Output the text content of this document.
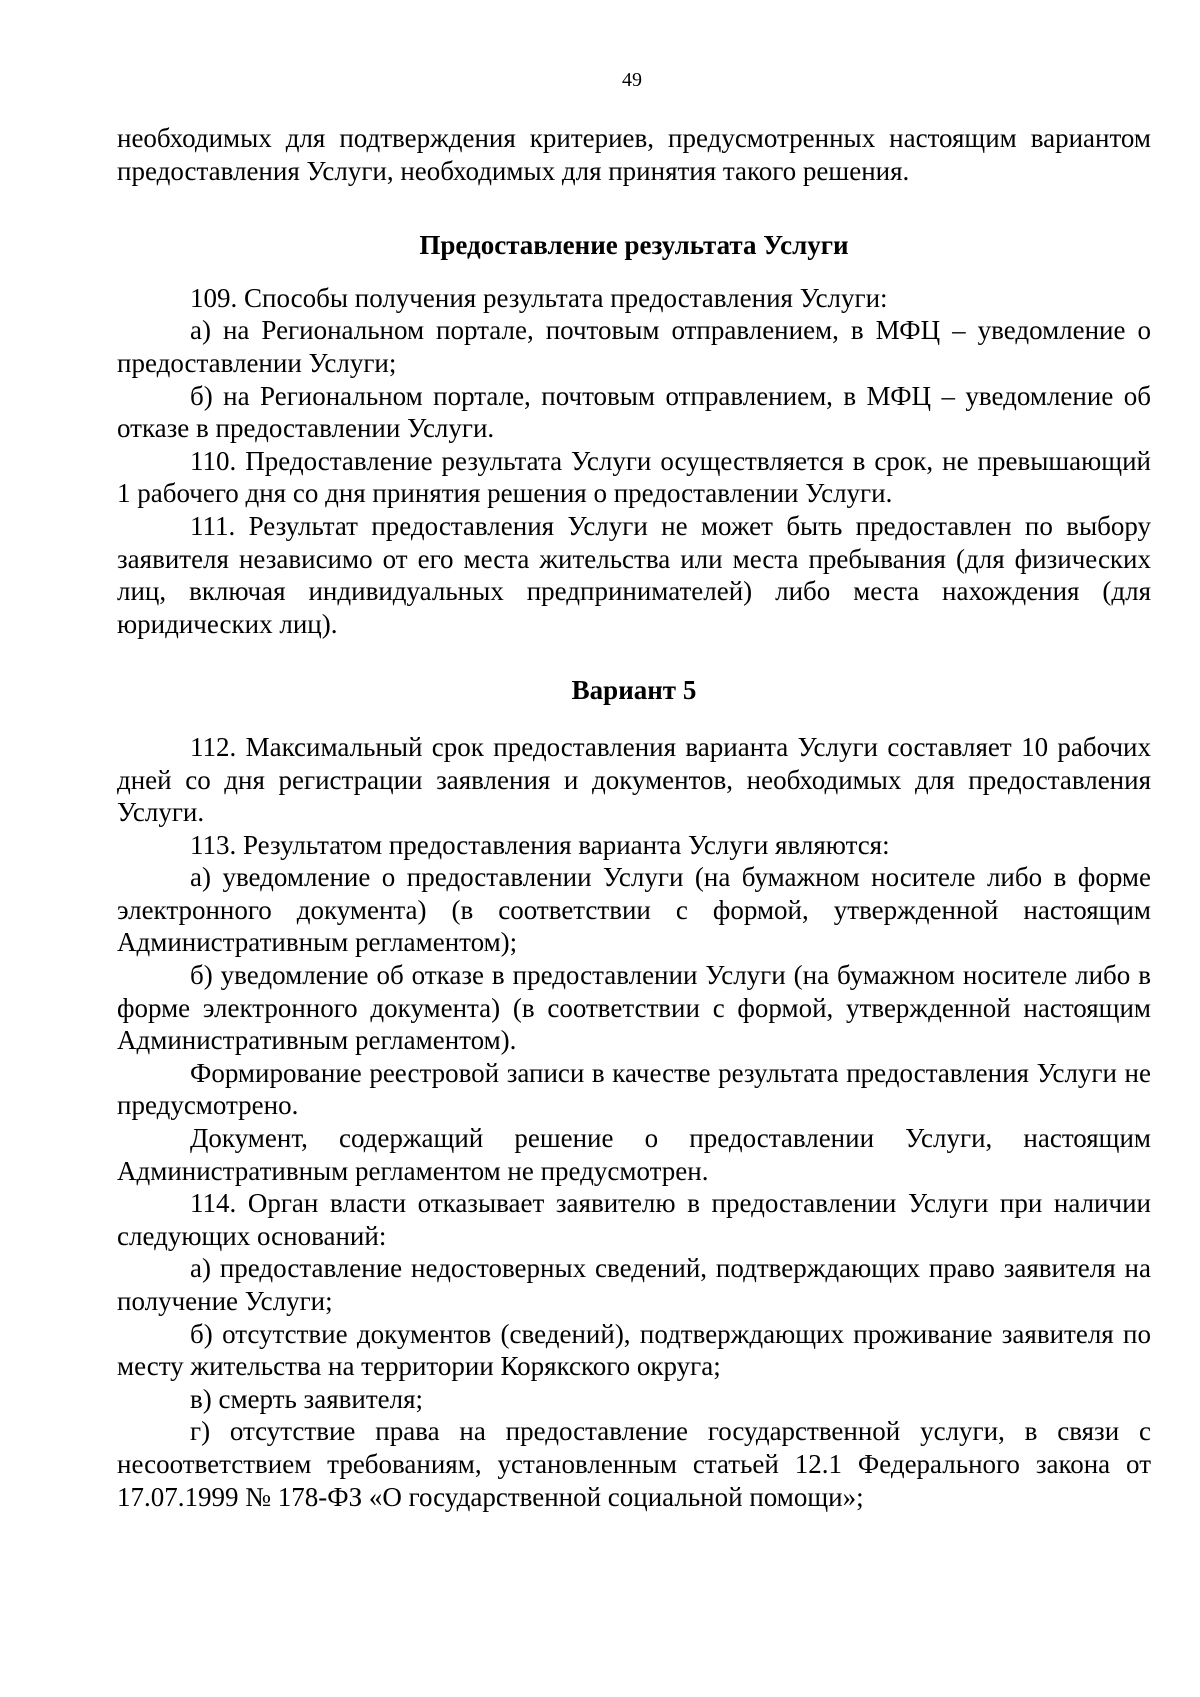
49

необходимых для подтверждения критериев, предусмотренных настоящим вариантом предоставления Услуги, необходимых для принятия такого решения.

Предоставление результата Услуги

109. Способы получения результата предоставления Услуги:

а) на Региональном портале, почтовым отправлением, в МФЦ – уведомление о предоставлении Услуги;

б) на Региональном портале, почтовым отправлением, в МФЦ – уведомление об отказе в предоставлении Услуги.

110. Предоставление результата Услуги осуществляется в срок, не превышающий 1 рабочего дня со дня принятия решения о предоставлении Услуги.

111. Результат предоставления Услуги не может быть предоставлен по выбору заявителя независимо от его места жительства или места пребывания (для физических лиц, включая индивидуальных предпринимателей) либо места нахождения (для юридических лиц).

Вариант 5

112. Максимальный срок предоставления варианта Услуги составляет 10 рабочих дней со дня регистрации заявления и документов, необходимых для предоставления Услуги.

113. Результатом предоставления варианта Услуги являются:

а) уведомление о предоставлении Услуги (на бумажном носителе либо в форме электронного документа) (в соответствии с формой, утвержденной настоящим Административным регламентом);

б) уведомление об отказе в предоставлении Услуги (на бумажном носителе либо в форме электронного документа) (в соответствии с формой, утвержденной настоящим Административным регламентом).

Формирование реестровой записи в качестве результата предоставления Услуги не предусмотрено.

Документ, содержащий решение о предоставлении Услуги, настоящим Административным регламентом не предусмотрен.

114. Орган власти отказывает заявителю в предоставлении Услуги при наличии следующих оснований:

а) предоставление недостоверных сведений, подтверждающих право заявителя на получение Услуги;

б) отсутствие документов (сведений), подтверждающих проживание заявителя по месту жительства на территории Корякского округа;

в) смерть заявителя;

г) отсутствие права на предоставление государственной услуги, в связи с несоответствием требованиям, установленным статьей 12.1 Федерального закона от 17.07.1999 № 178-ФЗ «О государственной социальной помощи»;
